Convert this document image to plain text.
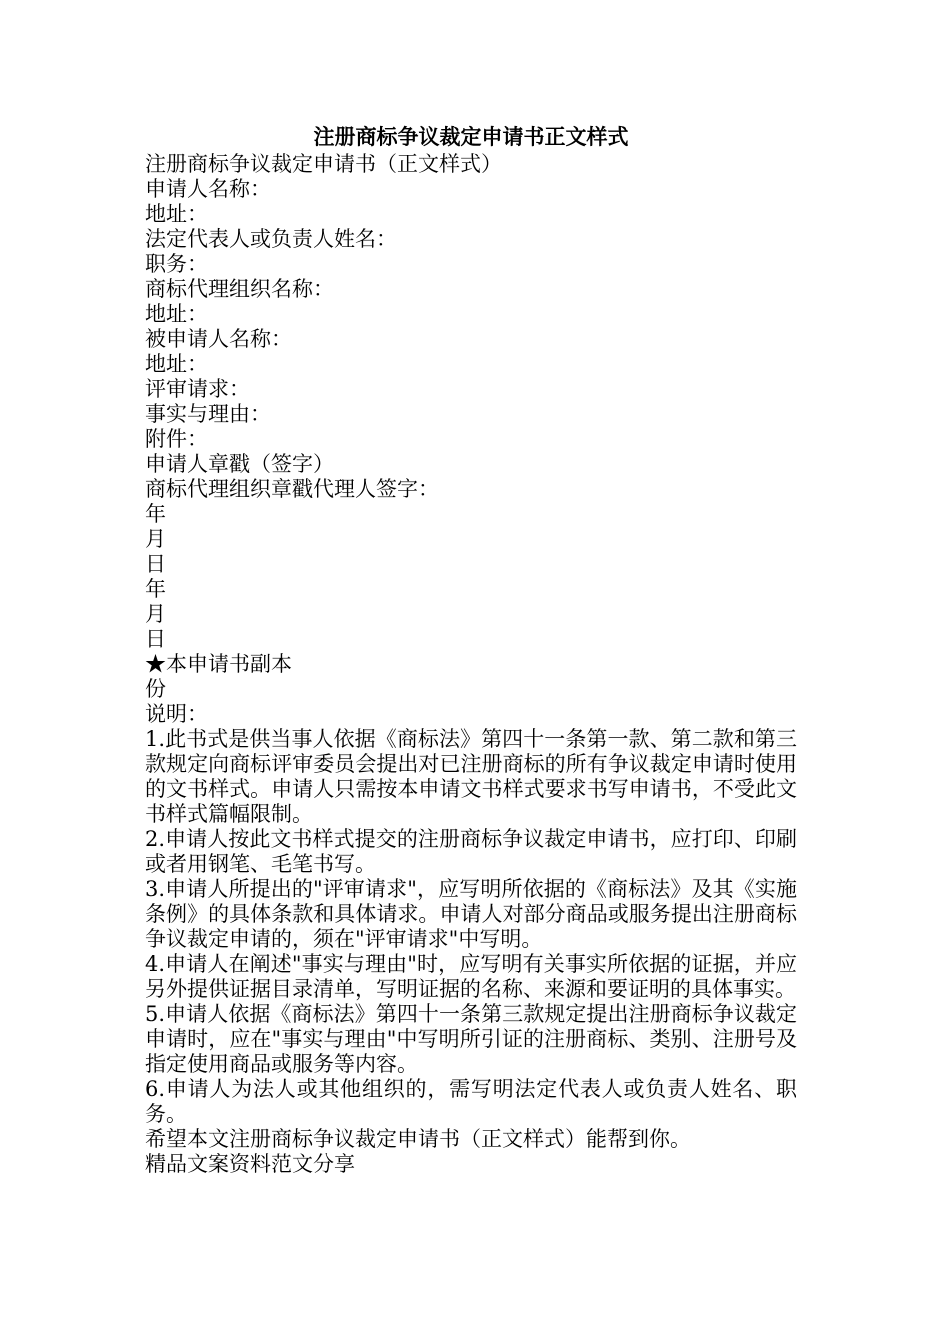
注册商标争议裁定申请书正文样式

注册商标争议裁定申请书（正文样式）

申请人名称：

地址：

法定代表人或负责人姓名：

职务：

商标代理组织名称：

地址：

被申请人名称：

地址：

评审请求：

事实与理由：

附件：

申请人章戳（签字）

商标代理组织章戳代理人签字：

年

月

日

年

月

日

★本申请书副本

份

说明：

1.此书式是供当事人依据《商标法》第四十一条第一款、第二款和第三款规定向商标评审委员会提出对已注册商标的所有争议裁定申请时使用的文书样式。申请人只需按本申请文书样式要求书写申请书，不受此文书样式篇幅限制。

2.申请人按此文书样式提交的注册商标争议裁定申请书，应打印、印刷或者用钢笔、毛笔书写。

3.申请人所提出的"评审请求"，应写明所依据的《商标法》及其《实施条例》的具体条款和具体请求。申请人对部分商品或服务提出注册商标争议裁定申请的，须在"评审请求"中写明。

4.申请人在阐述"事实与理由"时，应写明有关事实所依据的证据，并应另外提供证据目录清单，写明证据的名称、来源和要证明的具体事实。

5.申请人依据《商标法》第四十一条第三款规定提出注册商标争议裁定申请时，应在"事实与理由"中写明所引证的注册商标、类别、注册号及指定使用商品或服务等内容。

6.申请人为法人或其他组织的，需写明法定代表人或负责人姓名、职务。

希望本文注册商标争议裁定申请书（正文样式）能帮到你。

精品文案资料范文分享
